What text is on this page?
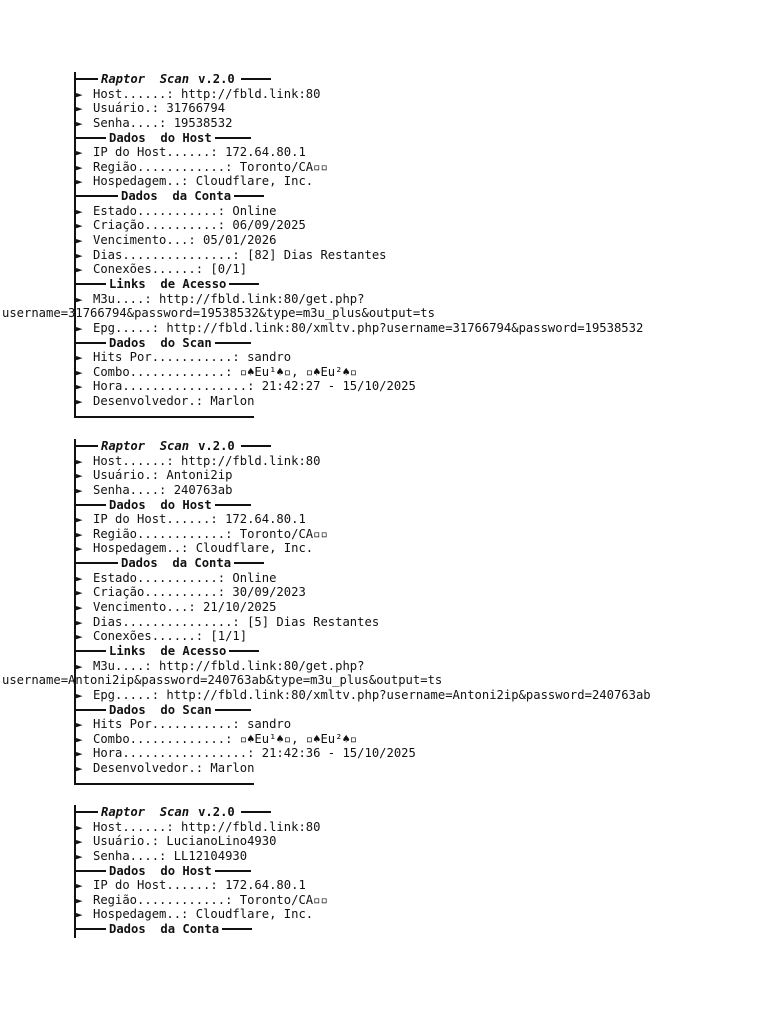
Raptor  Scan v.2.0
► Host......: http://fbld.link:80
► Usuário.: 31766794
► Senha....: 19538532
Dados  do Host
► IP do Host......: 172.64.80.1
► Região............: Toronto/CA▫▫
► Hospedagem..: Cloudflare, Inc.
Dados  da Conta
► Estado...........: Online
► Criação..........: 06/09/2025
► Vencimento...: 05/01/2026
► Dias...............: [82] Dias Restantes
► Conexões......: [0/1]
Links  de Acesso
► M3u....: http://fbld.link:80/get.php?
username=31766794&password=19538532&type=m3u_plus&output=ts
► Epg.....: http://fbld.link:80/xmltv.php?username=31766794&password=19538532
Dados  do Scan
► Hits Por...........: sandro
► Combo.............: ▫♠Eu¹♠▫, ▫♠Eu²♠▫
► Hora.................: 21:42:27 - 15/10/2025
► Desenvolvedor.: Marlon
Raptor  Scan v.2.0
► Host......: http://fbld.link:80
► Usuário.: Antoni2ip
► Senha....: 240763ab
Dados  do Host
► IP do Host......: 172.64.80.1
► Região............: Toronto/CA▫▫
► Hospedagem..: Cloudflare, Inc.
Dados  da Conta
► Estado...........: Online
► Criação..........: 30/09/2023
► Vencimento...: 21/10/2025
► Dias...............: [5] Dias Restantes
► Conexões......: [1/1]
Links  de Acesso
► M3u....: http://fbld.link:80/get.php?
username=Antoni2ip&password=240763ab&type=m3u_plus&output=ts
► Epg.....: http://fbld.link:80/xmltv.php?username=Antoni2ip&password=240763ab
Dados  do Scan
► Hits Por...........: sandro
► Combo.............: ▫♠Eu¹♠▫, ▫♠Eu²♠▫
► Hora.................: 21:42:36 - 15/10/2025
► Desenvolvedor.: Marlon
Raptor  Scan v.2.0
► Host......: http://fbld.link:80
► Usuário.: LucianoLino4930
► Senha....: LL12104930
Dados  do Host
► IP do Host......: 172.64.80.1
► Região............: Toronto/CA▫▫
► Hospedagem..: Cloudflare, Inc.
Dados  da Conta
